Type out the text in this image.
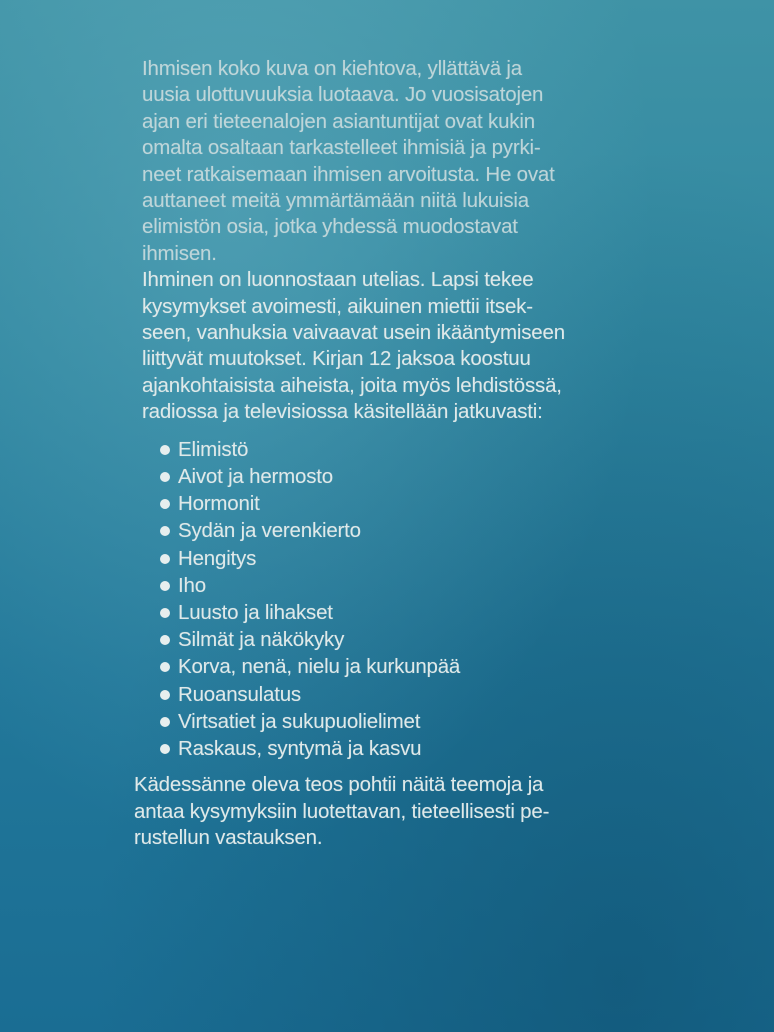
Ihmisen koko kuva on kiehtova, yllättävä ja
uusia ulottuvuuksia luotaava. Jo vuosisatojen
ajan eri tieteenalojen asiantuntijat ovat kukin
omalta osaltaan tarkastelleet ihmisiä ja pyrki-
neet ratkaisemaan ihmisen arvoitusta. He ovat
auttaneet meitä ymmärtämään niitä lukuisia
elimistön osia, jotka yhdessä muodostavat
ihmisen.

Ihminen on luonnostaan utelias. Lapsi tekee
kysymykset avoimesti, aikuinen miettii itsek-
seen, vanhuksia vaivaavat usein ikääntymiseen
liittyvät muutokset. Kirjan 12 jaksoa koostuu
ajankohtaisista aiheista, joita myös lehdistössä,
radiossa ja televisiossa käsitellään jatkuvasti:

Elimistö
Aivot ja hermosto
Hormonit
Sydän ja verenkierto
Hengitys
Iho
Luusto ja lihakset
Silmät ja näkökyky
Korva, nenä, nielu ja kurkunpää
Ruoansulatus
Virtsatiet ja sukupuolielimet
Raskaus, syntymä ja kasvu

Kädessänne oleva teos pohtii näitä teemoja ja
antaa kysymyksiin luotettavan, tieteellisesti pe-
rustellun vastauksen.
